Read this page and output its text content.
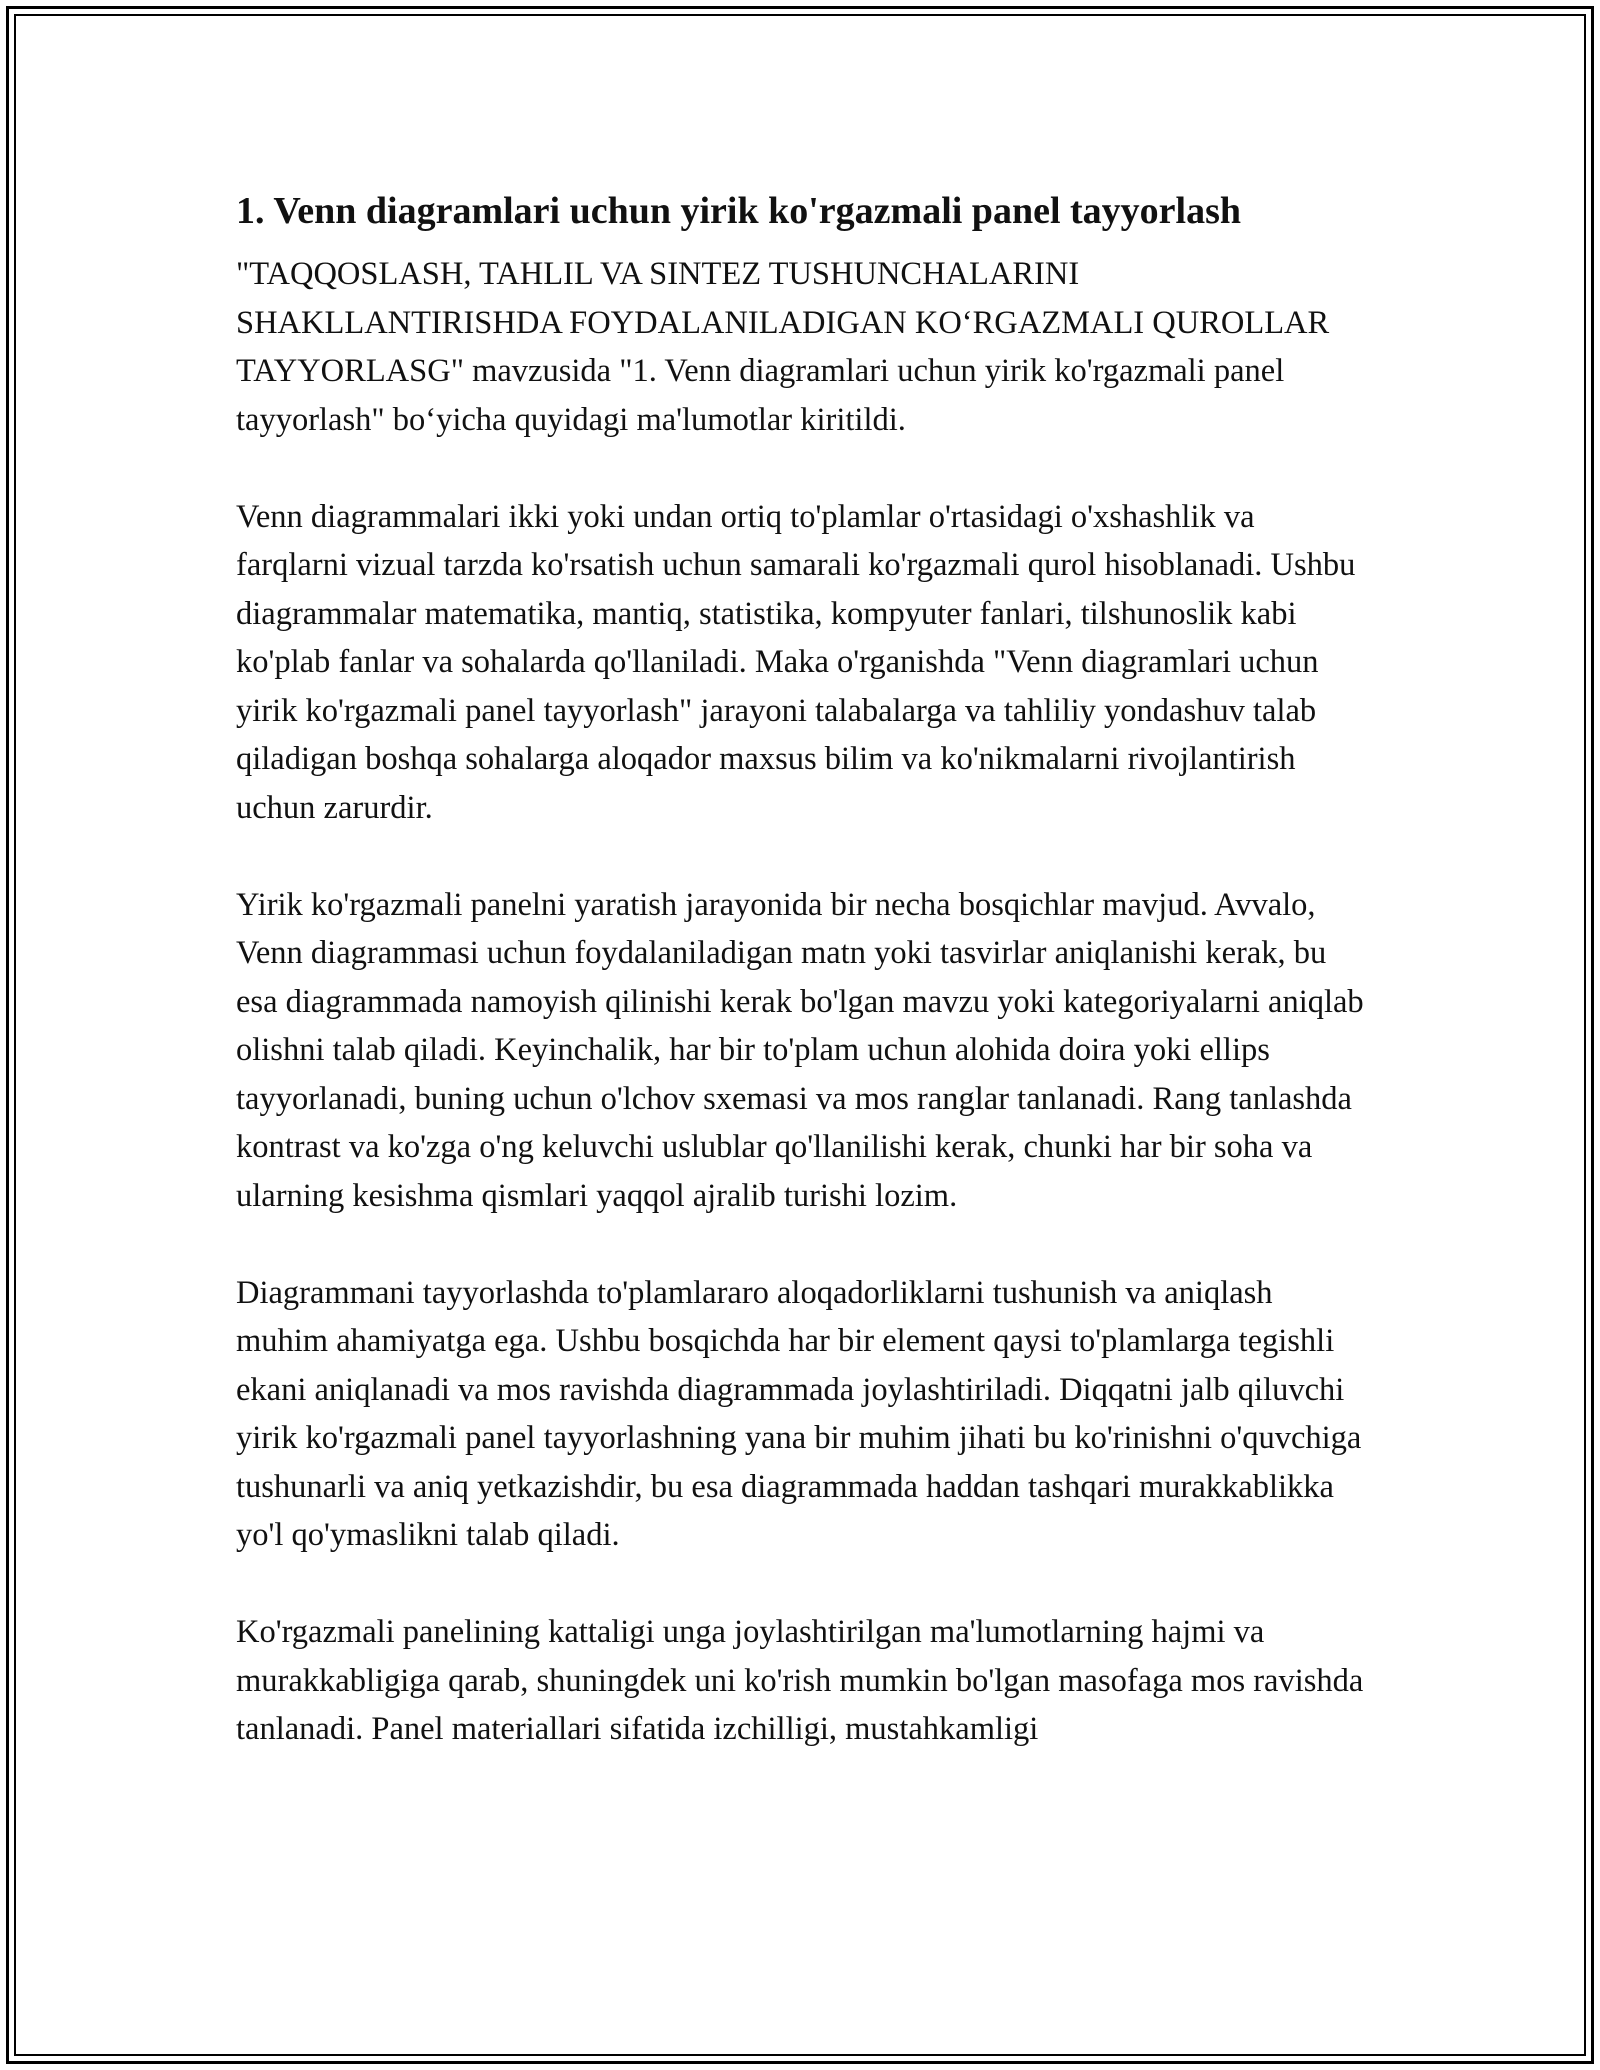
1. Venn diagramlari uchun yirik ko'rgazmali panel tayyorlash

"TAQQOSLASH, TAHLIL VA SINTEZ TUSHUNCHALARINI SHAKLLANTIRISHDA FOYDALANILADIGAN KOʻRGAZMALI QUROLLAR TAYYORLASG" mavzusida "1. Venn diagramlari uchun yirik ko'rgazmali panel tayyorlash" boʻyicha quyidagi ma'lumotlar kiritildi.

Venn diagrammalari ikki yoki undan ortiq to'plamlar o'rtasidagi o'xshashlik va farqlarni vizual tarzda ko'rsatish uchun samarali ko'rgazmali qurol hisoblanadi. Ushbu diagrammalar matematika, mantiq, statistika, kompyuter fanlari, tilshunoslik kabi ko'plab fanlar va sohalarda qo'llaniladi. Maka o'rganishda "Venn diagramlari uchun yirik ko'rgazmali panel tayyorlash" jarayoni talabalarga va tahliliy yondashuv talab qiladigan boshqa sohalarga aloqador maxsus bilim va ko'nikmalarni rivojlantirish uchun zarurdir.

Yirik ko'rgazmali panelni yaratish jarayonida bir necha bosqichlar mavjud. Avvalo, Venn diagrammasi uchun foydalaniladigan matn yoki tasvirlar aniqlanishi kerak, bu esa diagrammada namoyish qilinishi kerak bo'lgan mavzu yoki kategoriyalarni aniqlab olishni talab qiladi. Keyinchalik, har bir to'plam uchun alohida doira yoki ellips tayyorlanadi, buning uchun o'lchov sxemasi va mos ranglar tanlanadi. Rang tanlashda kontrast va ko'zga o'ng keluvchi uslublar qo'llanilishi kerak, chunki har bir soha va ularning kesishma qismlari yaqqol ajralib turishi lozim.

Diagrammani tayyorlashda to'plamlararo aloqadorliklarni tushunish va aniqlash muhim ahamiyatga ega. Ushbu bosqichda har bir element qaysi to'plamlarga tegishli ekani aniqlanadi va mos ravishda diagrammada joylashtiriladi. Diqqatni jalb qiluvchi yirik ko'rgazmali panel tayyorlashning yana bir muhim jihati bu ko'rinishni o'quvchiga tushunarli va aniq yetkazishdir, bu esa diagrammada haddan tashqari murakkablikka yo'l qo'ymaslikni talab qiladi.

Ko'rgazmali panelining kattaligi unga joylashtirilgan ma'lumotlarning hajmi va murakkabligiga qarab, shuningdek uni ko'rish mumkin bo'lgan masofaga mos ravishda tanlanadi. Panel materiallari sifatida izchilligi, mustahkamligi
